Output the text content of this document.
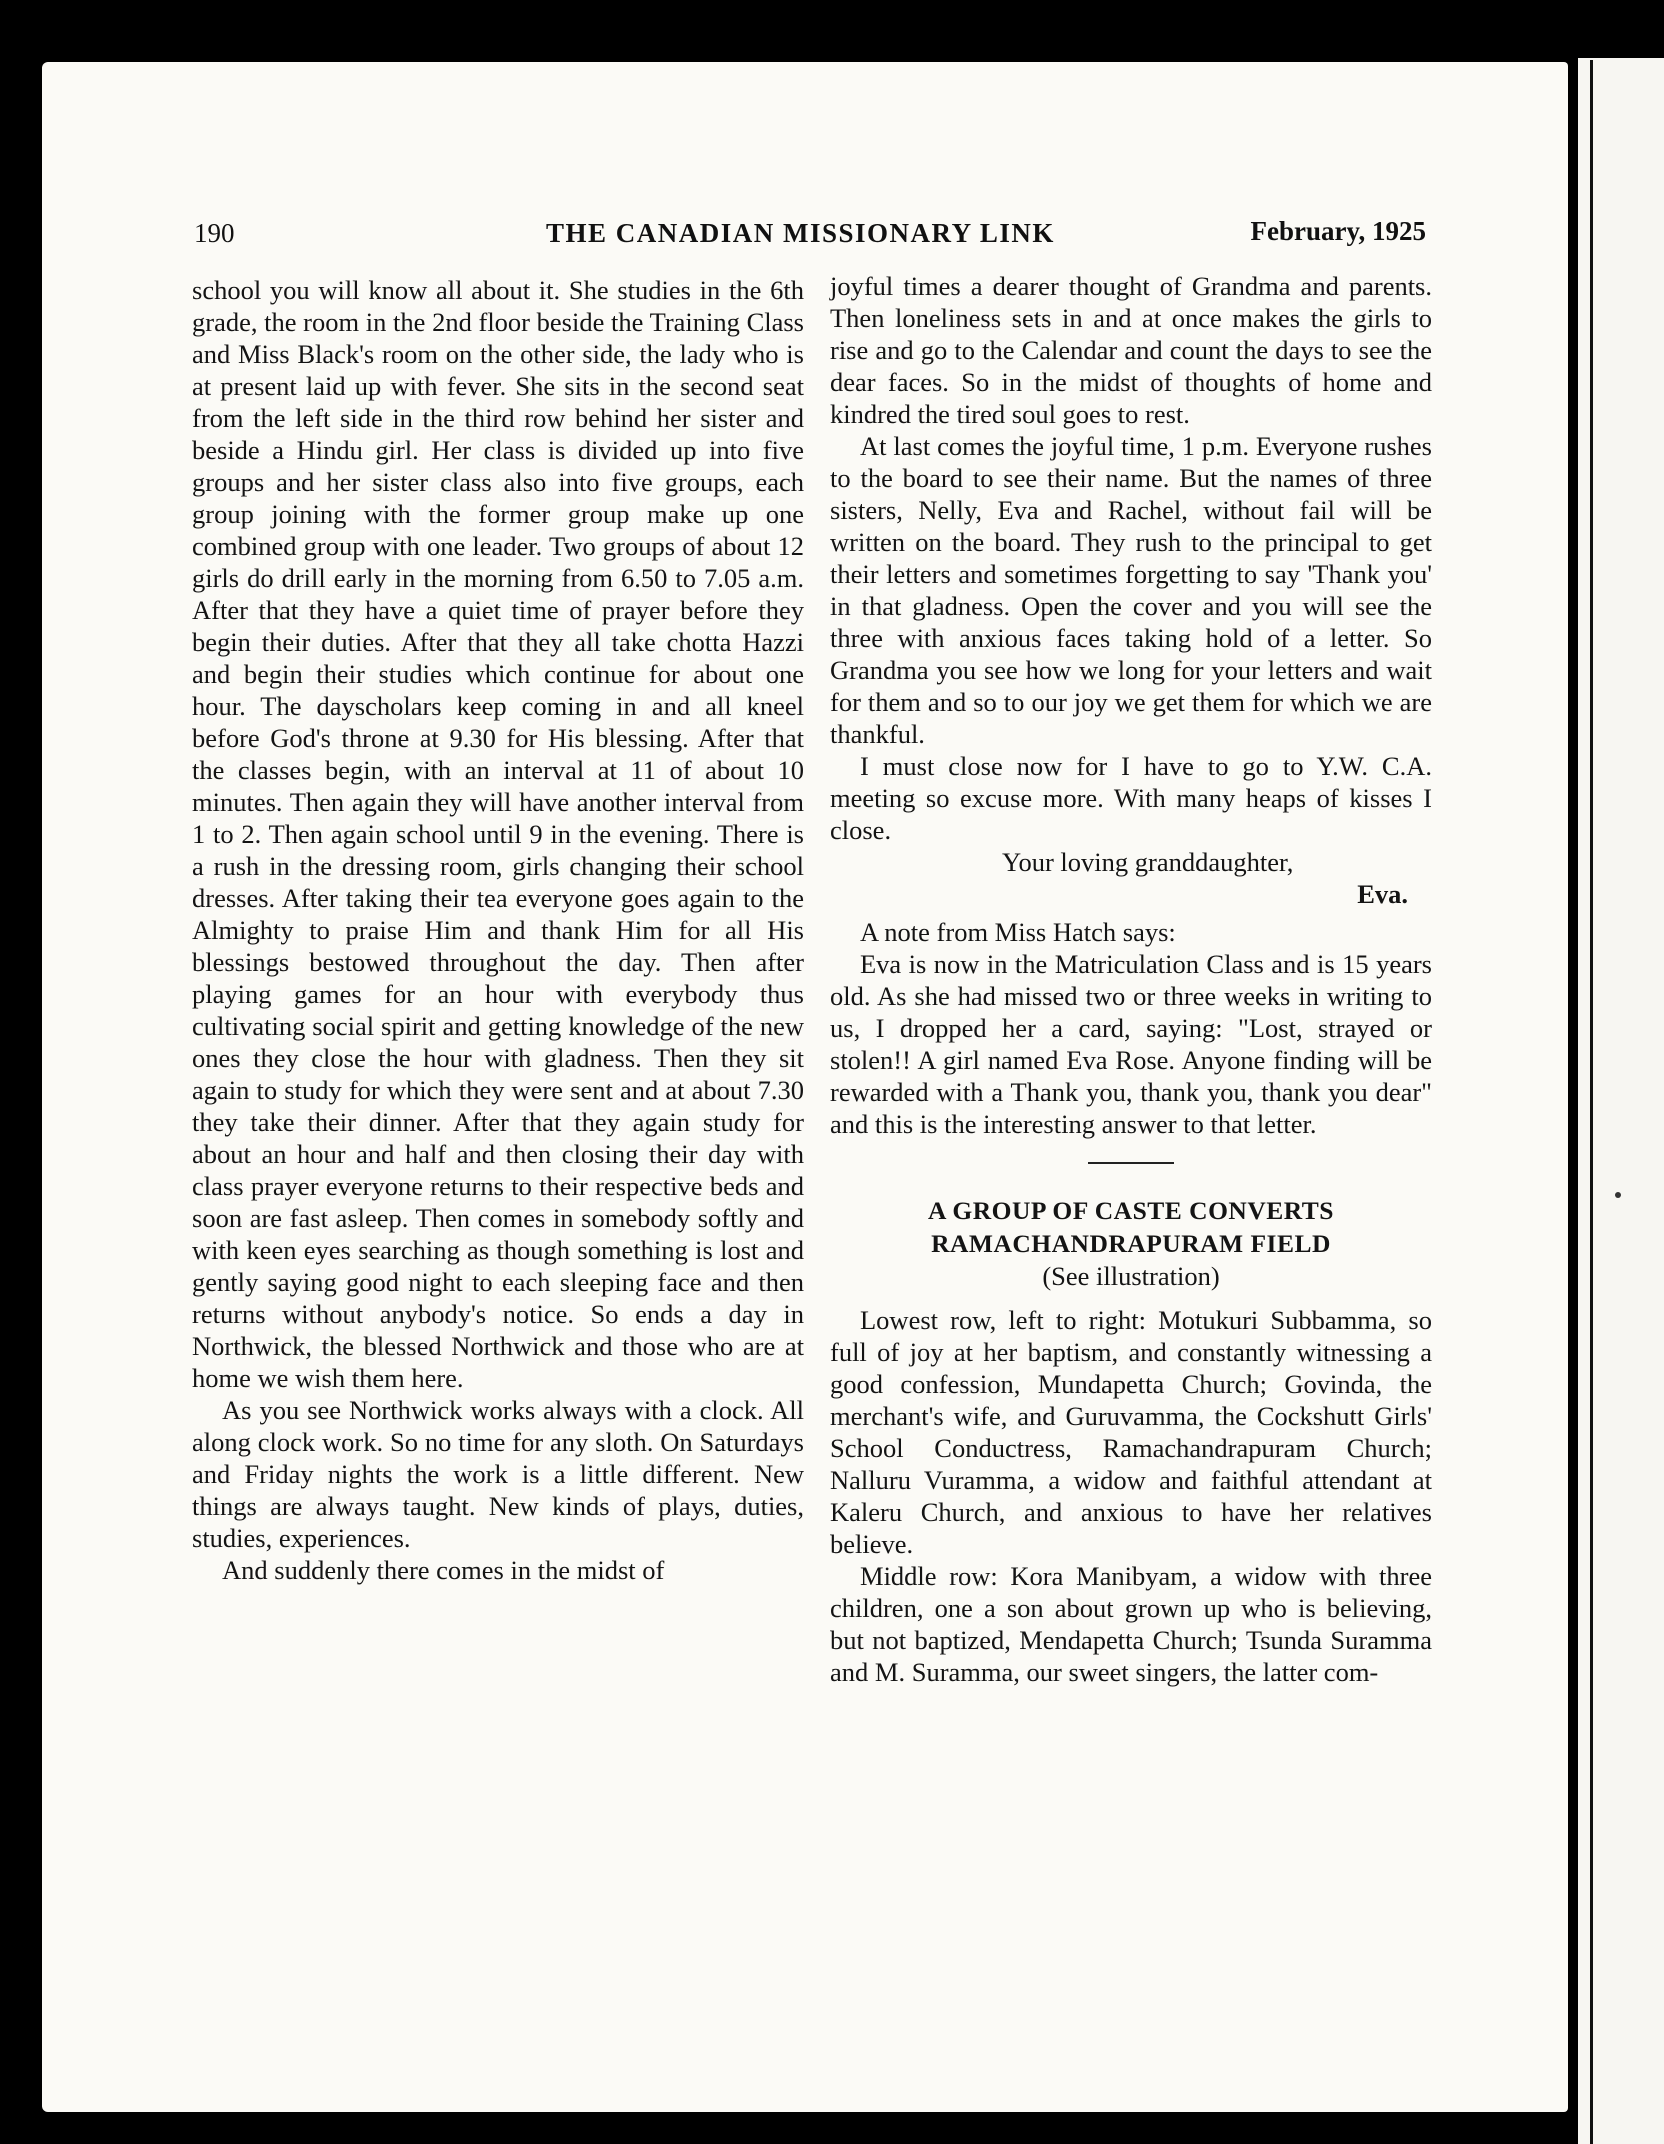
190	THE CANADIAN MISSIONARY LINK	February, 1925

school you will know all about it. She studies in the 6th grade, the room in the 2nd floor beside the Training Class and Miss Black's room on the other side, the lady who is at present laid up with fever. She sits in the second seat from the left side in the third row behind her sister and beside a Hindu girl. Her class is divided up into five groups and her sister class also into five groups, each group joining with the former group make up one combined group with one leader. Two groups of about 12 girls do drill early in the morning from 6.50 to 7.05 a.m. After that they have a quiet time of prayer before they begin their duties. After that they all take chotta Hazzi and begin their studies which continue for about one hour. The dayscholars keep coming in and all kneel before God's throne at 9.30 for His blessing. After that the classes begin, with an interval at 11 of about 10 minutes. Then again they will have another interval from 1 to 2. Then again school until 9 in the evening. There is a rush in the dressing room, girls changing their school dresses. After taking their tea everyone goes again to the Almighty to praise Him and thank Him for all His blessings bestowed throughout the day. Then after playing games for an hour with everybody thus cultivating social spirit and getting knowledge of the new ones they close the hour with gladness. Then they sit again to study for which they were sent and at about 7.30 they take their dinner. After that they again study for about an hour and half and then closing their day with class prayer everyone returns to their respective beds and soon are fast asleep. Then comes in somebody softly and with keen eyes searching as though something is lost and gently saying good night to each sleeping face and then returns without anybody's notice. So ends a day in Northwick, the blessed Northwick and those who are at home we wish them here.

As you see Northwick works always with a clock. All along clock work. So no time for any sloth. On Saturdays and Friday nights the work is a little different. New things are always taught. New kinds of plays, duties, studies, experiences.

And suddenly there comes in the midst of

joyful times a dearer thought of Grandma and parents. Then loneliness sets in and at once makes the girls to rise and go to the Calendar and count the days to see the dear faces. So in the midst of thoughts of home and kindred the tired soul goes to rest.

At last comes the joyful time, 1 p.m. Everyone rushes to the board to see their name. But the names of three sisters, Nelly, Eva and Rachel, without fail will be written on the board. They rush to the principal to get their letters and sometimes forgetting to say 'Thank you' in that gladness. Open the cover and you will see the three with anxious faces taking hold of a letter. So Grandma you see how we long for your letters and wait for them and so to our joy we get them for which we are thankful.

I must close now for I have to go to Y.W. C.A. meeting so excuse more. With many heaps of kisses I close.

Your loving granddaughter,
Eva.

A note from Miss Hatch says:

Eva is now in the Matriculation Class and is 15 years old. As she had missed two or three weeks in writing to us, I dropped her a card, saying: "Lost, strayed or stolen!! A girl named Eva Rose. Anyone finding will be rewarded with a Thank you, thank you, thank you dear" and this is the interesting answer to that letter.

A GROUP OF CASTE CONVERTS
RAMACHANDRAPURAM FIELD
(See illustration)

Lowest row, left to right: Motukuri Subbamma, so full of joy at her baptism, and constantly witnessing a good confession, Mundapetta Church; Govinda, the merchant's wife, and Guruvamma, the Cockshutt Girls' School Conductress, Ramachandrapuram Church; Nalluru Vuramma, a widow and faithful attendant at Kaleru Church, and anxious to have her relatives believe.

Middle row: Kora Manibyam, a widow with three children, one a son about grown up who is believing, but not baptized, Mendapetta Church; Tsunda Suramma and M. Suramma, our sweet singers, the latter com-
